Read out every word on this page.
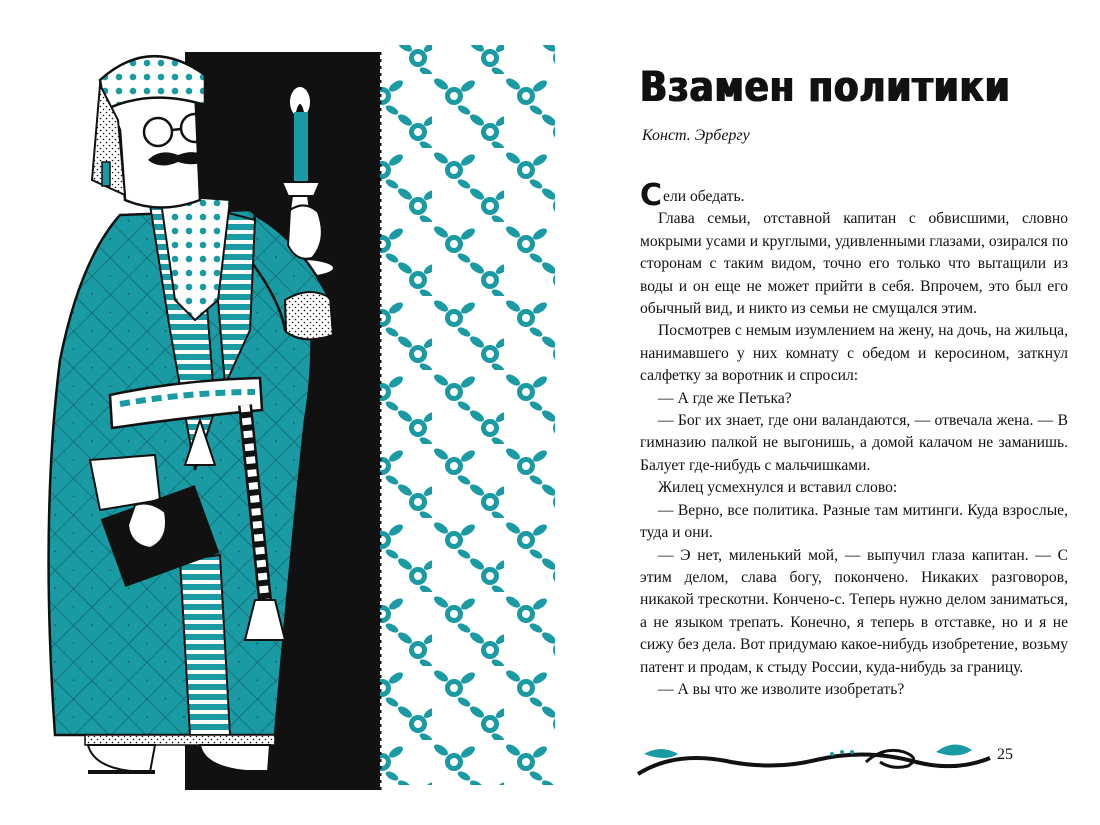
Взамен политики

Конст. Эрбергу

Сели обедать.

Глава семьи, отставной капитан с обвисшими, словно мокрыми усами и круглыми, удивленными глазами, озирался по сторонам с таким видом, точно его только что вытащили из воды и он еще не может прийти в себя. Впрочем, это был его обычный вид, и никто из семьи не смущался этим.

Посмотрев с немым изумлением на жену, на дочь, на жильца, нанимавшего у них комнату с обедом и керосином, заткнул салфетку за воротник и спросил:

— А где же Петька?

— Бог их знает, где они валандаются, — отвечала жена. — В гимназию палкой не выгонишь, а домой калачом не заманишь. Балует где-нибудь с мальчишками.

Жилец усмехнулся и вставил слово:

— Верно, все политика. Разные там митинги. Куда взрослые, туда и они.

— Э нет, миленький мой, — выпучил глаза капитан. — С этим делом, слава богу, покончено. Никаких разговоров, никакой трескотни. Кончено-с. Теперь нужно делом заниматься, а не языком трепать. Конечно, я теперь в отставке, но и я не сижу без дела. Вот придумаю какое-нибудь изобретение, возьму патент и продам, к стыду России, куда-нибудь за границу.

— А вы что же изволите изобретать?

25
